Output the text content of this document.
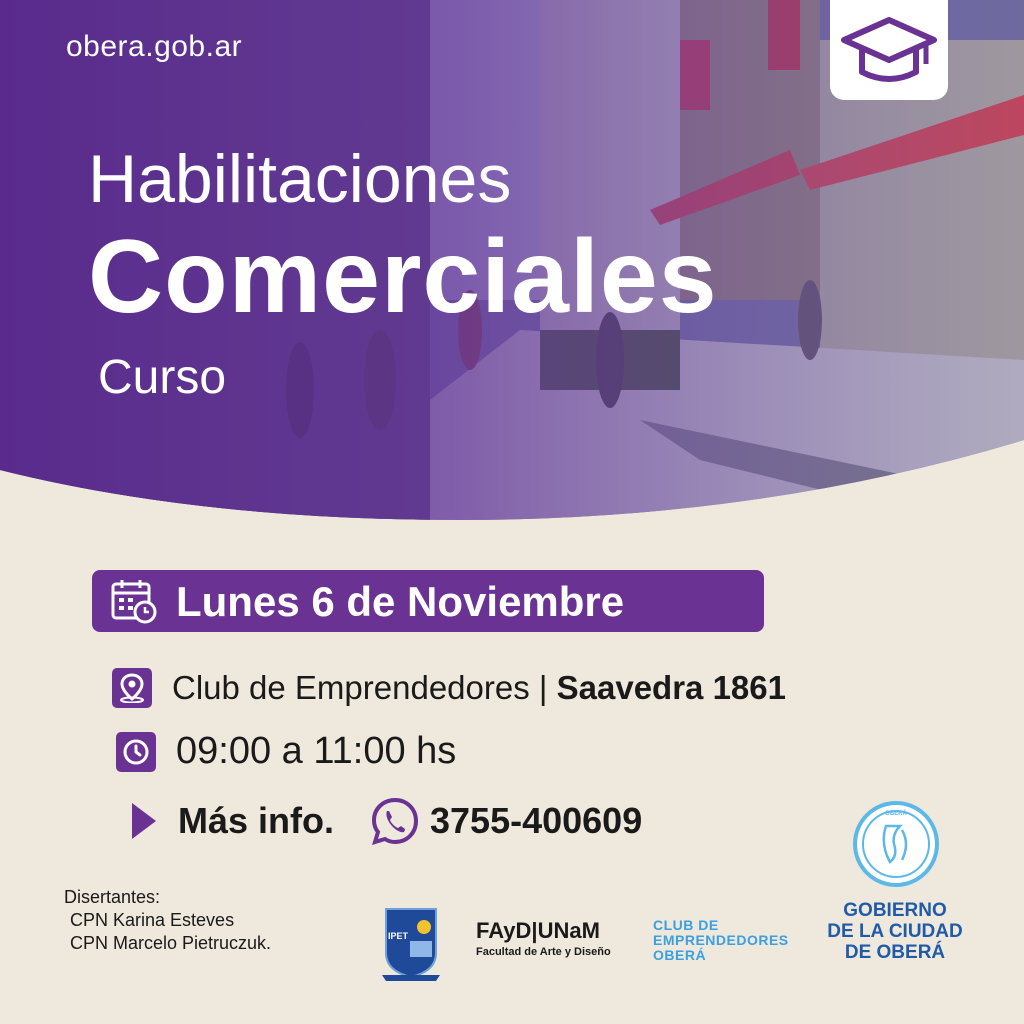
obera.gob.ar
Habilitaciones
Comerciales
Curso
Lunes 6 de Noviembre
Club de Emprendedores | Saavedra 1861
09:00 a 11:00 hs
Más info.	3755-400609
Disertantes:
CPN Karina Esteves
CPN Marcelo Pietruczuk.	IPET	FAyD|UNaM
Facultad de Arte y Diseño
CLUB DE
EMPRENDEDORES
OBERÁ
OBERÁ
GOBIERNO
DE LA CIUDAD
DE OBERÁ
